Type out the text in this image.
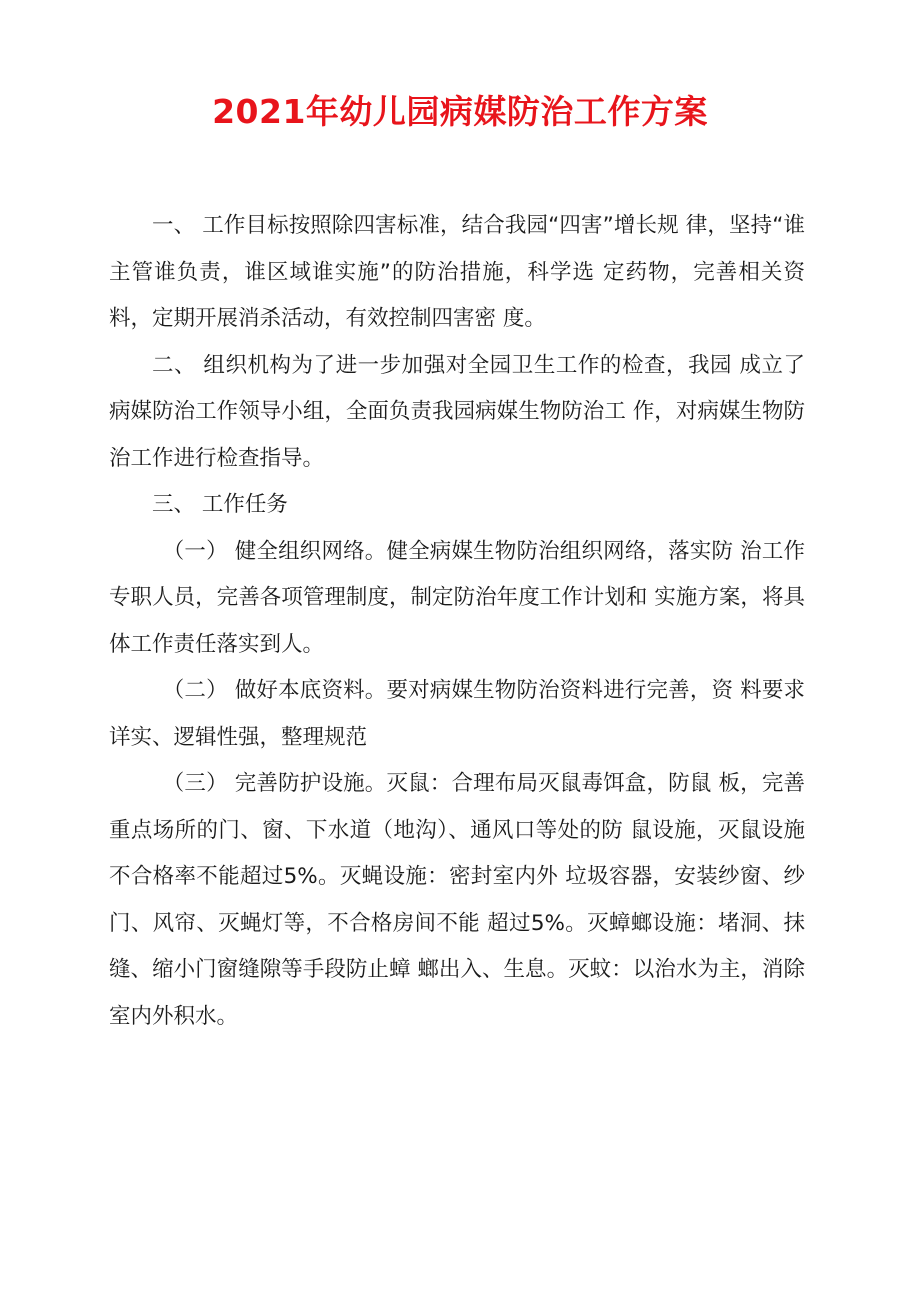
2021年幼儿园病媒防治工作方案

一、 工作目标按照除四害标准，结合我园“四害”增长规 律，坚持“谁主管谁负责，谁区域谁实施”的防治措施，科学选 定药物，完善相关资料，定期开展消杀活动，有效控制四害密 度。

二、 组织机构为了进一步加强对全园卫生工作的检查，我园 成立了病媒防治工作领导小组，全面负责我园病媒生物防治工 作，对病媒生物防治工作进行检查指导。

三、 工作任务

（一） 健全组织网络。健全病媒生物防治组织网络，落实防 治工作专职人员，完善各项管理制度，制定防治年度工作计划和 实施方案，将具体工作责任落实到人。

（二） 做好本底资料。要对病媒生物防治资料进行完善，资 料要求详实、逻辑性强，整理规范

（三） 完善防护设施。灭鼠：合理布局灭鼠毒饵盒，防鼠 板，完善重点场所的门、窗、下水道（地沟）、通风口等处的防 鼠设施，灭鼠设施不合格率不能超过5%。灭蝇设施：密封室内外 垃圾容器，安装纱窗、纱门、风帘、灭蝇灯等，不合格房间不能 超过5%。灭蟑螂设施：堵洞、抹缝、缩小门窗缝隙等手段防止蟑 螂出入、生息。灭蚊：以治水为主，消除室内外积水。
